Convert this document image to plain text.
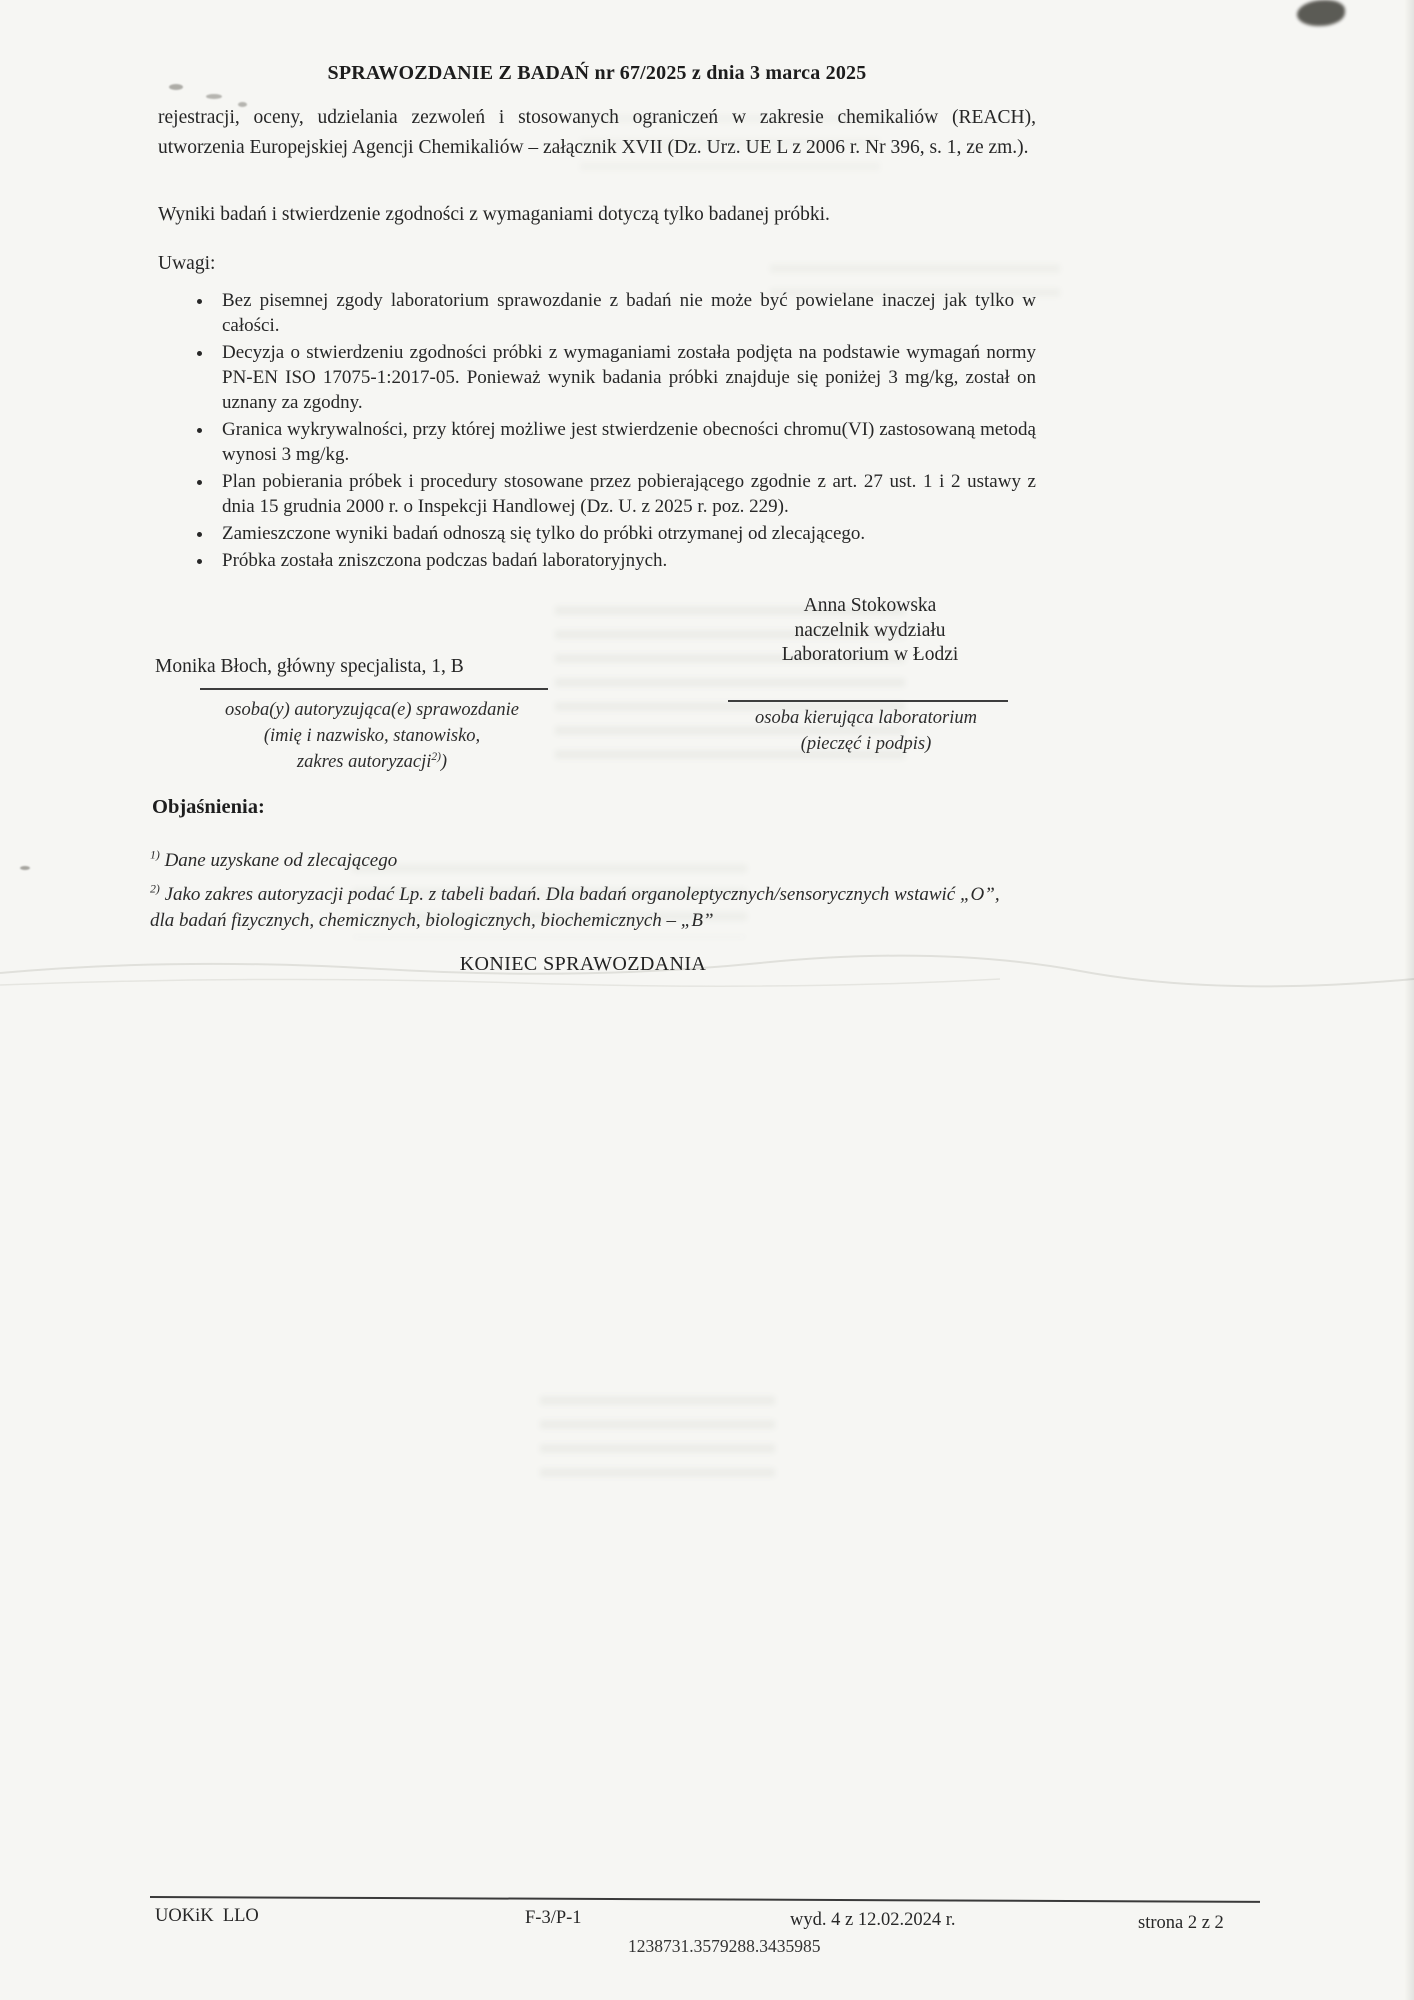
SPRAWOZDANIE Z BADAŃ nr 67/2025 z dnia 3 marca 2025
rejestracji, oceny, udzielania zezwoleń i stosowanych ograniczeń w zakresie chemikaliów (REACH), utworzenia Europejskiej Agencji Chemikaliów – załącznik XVII (Dz. Urz. UE L z 2006 r. Nr 396, s. 1, ze zm.).
Wyniki badań i stwierdzenie zgodności z wymaganiami dotyczą tylko badanej próbki.
Uwagi:
• Bez pisemnej zgody laboratorium sprawozdanie z badań nie może być powielane inaczej jak tylko w całości.
• Decyzja o stwierdzeniu zgodności próbki z wymaganiami została podjęta na podstawie wymagań normy PN-EN ISO 17075-1:2017-05. Ponieważ wynik badania próbki znajduje się poniżej 3 mg/kg, został on uznany za zgodny.
• Granica wykrywalności, przy której możliwe jest stwierdzenie obecności chromu(VI) zastosowaną metodą wynosi 3 mg/kg.
• Plan pobierania próbek i procedury stosowane przez pobierającego zgodnie z art. 27 ust. 1 i 2 ustawy z dnia 15 grudnia 2000 r. o Inspekcji Handlowej (Dz. U. z 2025 r. poz. 229).
• Zamieszczone wyniki badań odnoszą się tylko do próbki otrzymanej od zlecającego.
• Próbka została zniszczona podczas badań laboratoryjnych.
Anna Stokowska
naczelnik wydziału
Laboratorium w Łodzi
Monika Błoch, główny specjalista, 1, B
osoba(y) autoryzująca(e) sprawozdanie
(imię i nazwisko, stanowisko,
zakres autoryzacji$^{2)}$)
osoba kierująca laboratorium
(pieczęć i podpis)
Objaśnienia:
$^{1)}$ Dane uzyskane od zlecającego
$^{2)}$ Jako zakres autoryzacji podać Lp. z tabeli badań. Dla badań organoleptycznych/sensorycznych wstawić „O”,
dla badań fizycznych, chemicznych, biologicznych, biochemicznych – „B”
KONIEC SPRAWOZDANIA
UOKiK  LLO	F-3/P-1	wyd. 4 z 12.02.2024 r.	strona 2 z 2
1238731.3579288.3435985
